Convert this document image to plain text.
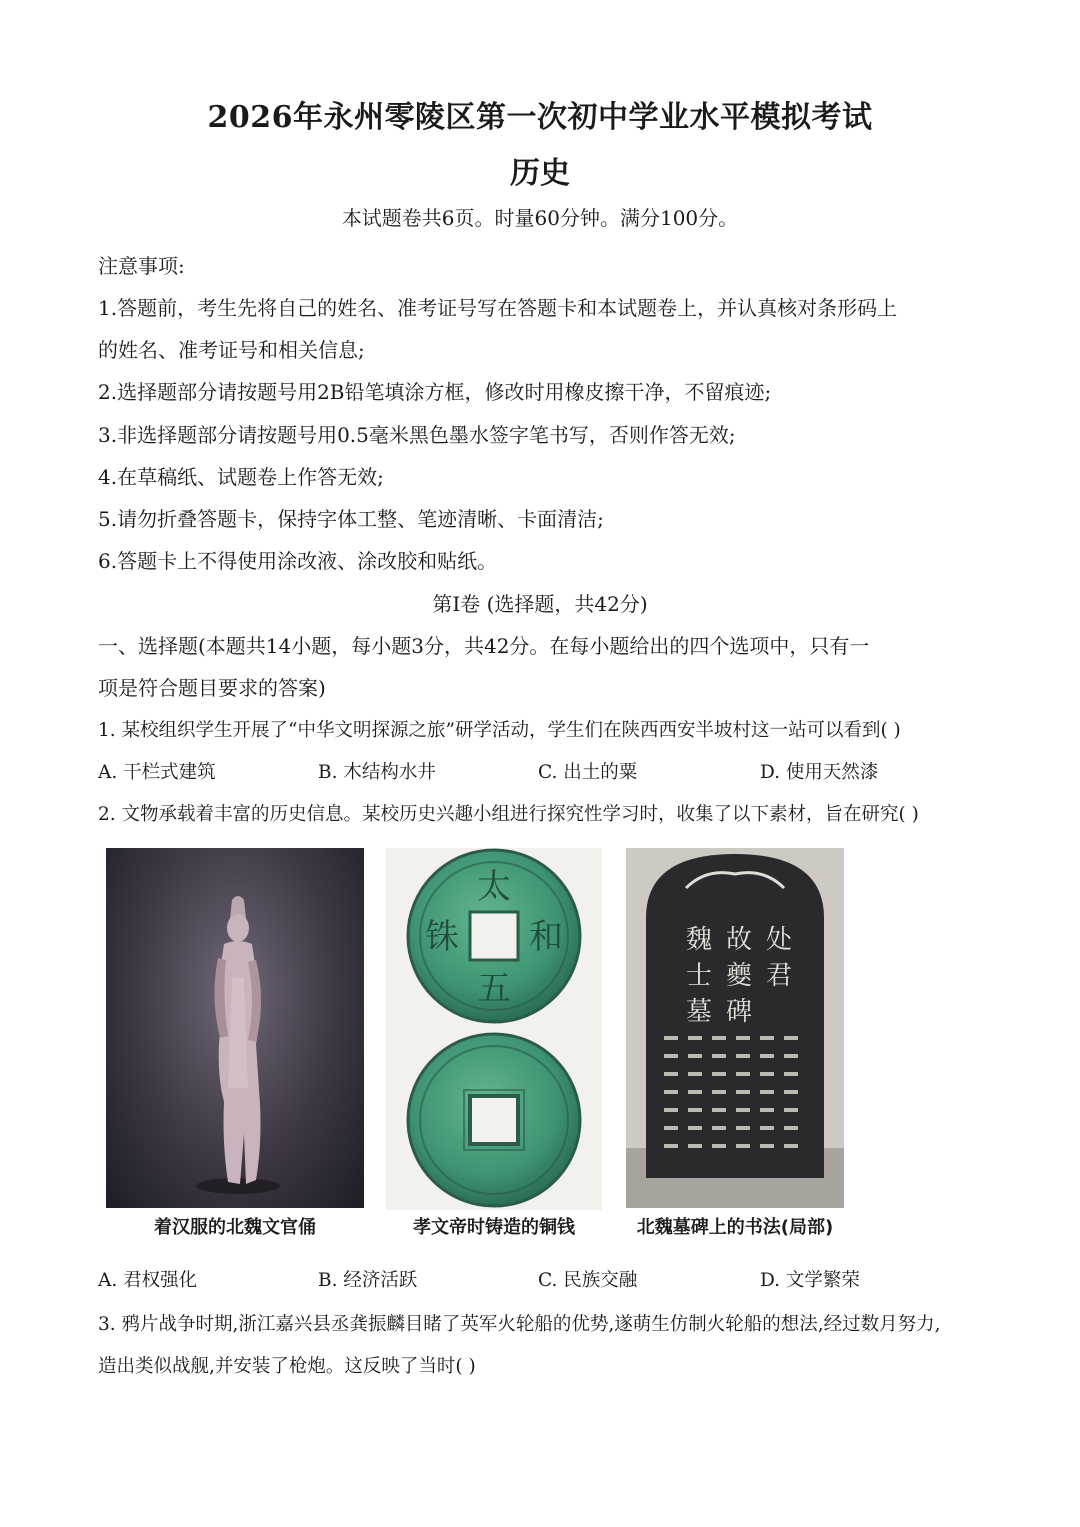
2026年永州零陵区第一次初中学业水平模拟考试
历史
本试题卷共6页。时量60分钟。满分100分。
注意事项:
1.答题前，考生先将自己的姓名、准考证号写在答题卡和本试题卷上，并认真核对条形码上
的姓名、准考证号和相关信息;
2.选择题部分请按题号用2B铅笔填涂方框，修改时用橡皮擦干净，不留痕迹;
3.非选择题部分请按题号用0.5毫米黑色墨水签字笔书写，否则作答无效;
4.在草稿纸、试题卷上作答无效;
5.请勿折叠答题卡，保持字体工整、笔迹清晰、卡面清洁;
6.答题卡上不得使用涂改液、涂改胶和贴纸。
第Ⅰ卷 (选择题，共42分)
一、选择题(本题共14小题，每小题3分，共42分。在每小题给出的四个选项中，只有一
项是符合题目要求的答案)
1. 某校组织学生开展了“中华文明探源之旅”研学活动，学生们在陕西西安半坡村这一站可以看到( )
A. 干栏式建筑	B. 木结构水井	C. 出土的粟	D. 使用天然漆
2. 文物承载着丰富的历史信息。某校历史兴趣小组进行探究性学习时，收集了以下素材，旨在研究( )
太
和
五
铢	魏 故 处
士 夔 君
墓 碑
着汉服的北魏文官俑	孝文帝时铸造的铜钱	北魏墓碑上的书法(局部)
A. 君权强化	B. 经济活跃	C. 民族交融	D. 文学繁荣
3. 鸦片战争时期,浙江嘉兴县丞龚振麟目睹了英军火轮船的优势,遂萌生仿制火轮船的想法,经过数月努力,
造出类似战舰,并安装了枪炮。这反映了当时( )
